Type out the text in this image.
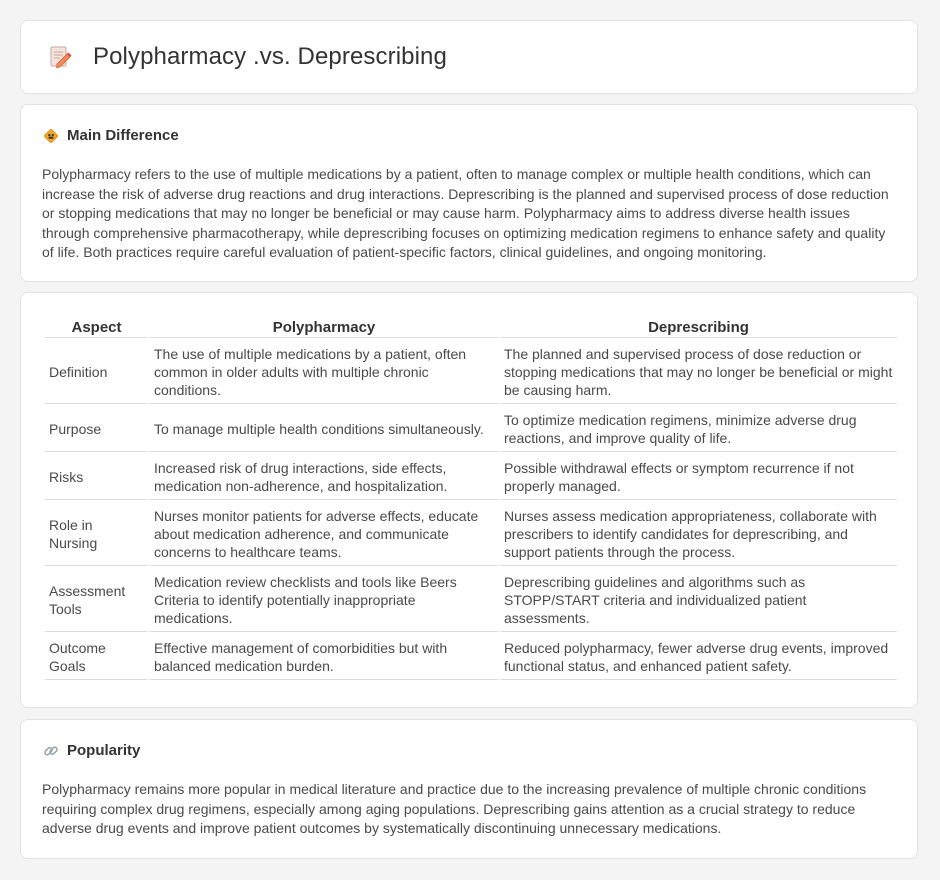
Polypharmacy .vs. Deprescribing
Main Difference

Polypharmacy refers to the use of multiple medications by a patient, often to manage complex or multiple health conditions, which can increase the risk of adverse drug reactions and drug interactions. Deprescribing is the planned and supervised process of dose reduction or stopping medications that may no longer be beneficial or may cause harm. Polypharmacy aims to address diverse health issues through comprehensive pharmacotherapy, while deprescribing focuses on optimizing medication regimens to enhance safety and quality of life. Both practices require careful evaluation of patient-specific factors, clinical guidelines, and ongoing monitoring.

Aspect	Polypharmacy	Deprescribing
Definition	The use of multiple medications by a patient, often common in older adults with multiple chronic conditions.	The planned and supervised process of dose reduction or stopping medications that may no longer be beneficial or might be causing harm.
Purpose	To manage multiple health conditions simultaneously.	To optimize medication regimens, minimize adverse drug reactions, and improve quality of life.
Risks	Increased risk of drug interactions, side effects, medication non-adherence, and hospitalization.	Possible withdrawal effects or symptom recurrence if not properly managed.
Role in Nursing	Nurses monitor patients for adverse effects, educate about medication adherence, and communicate concerns to healthcare teams.	Nurses assess medication appropriateness, collaborate with prescribers to identify candidates for deprescribing, and support patients through the process.
Assessment Tools	Medication review checklists and tools like Beers Criteria to identify potentially inappropriate medications.	Deprescribing guidelines and algorithms such as STOPP/START criteria and individualized patient assessments.
Outcome Goals	Effective management of comorbidities but with balanced medication burden.	Reduced polypharmacy, fewer adverse drug events, improved functional status, and enhanced patient safety.
Popularity

Polypharmacy remains more popular in medical literature and practice due to the increasing prevalence of multiple chronic conditions requiring complex drug regimens, especially among aging populations. Deprescribing gains attention as a crucial strategy to reduce adverse drug events and improve patient outcomes by systematically discontinuing unnecessary medications.
